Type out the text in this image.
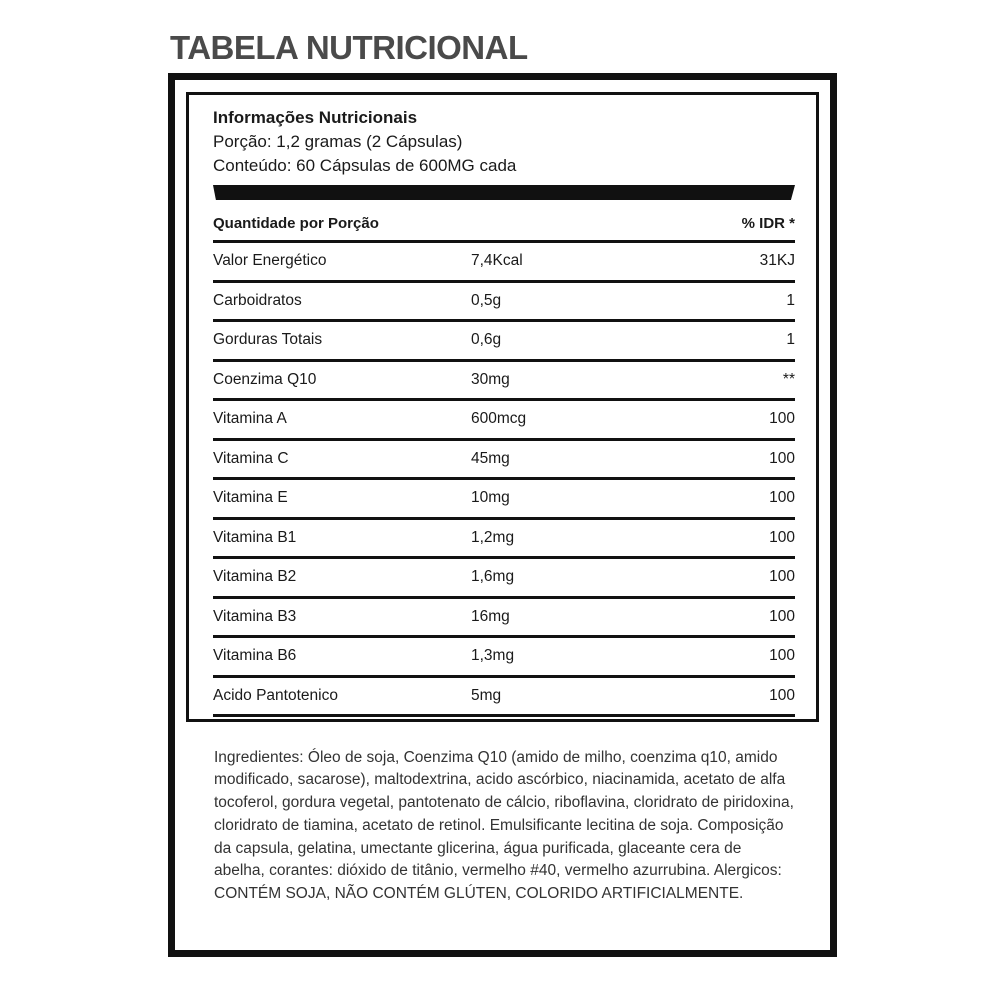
TABELA NUTRICIONAL
Informações Nutricionais
Porção: 1,2 gramas (2 Cápsulas)
Conteúdo: 60 Cápsulas de 600MG cada
Quantidade por Porção	% IDR *
Valor Energético	7,4Kcal	31KJ
Carboidratos	0,5g	1
Gorduras Totais	0,6g	1
Coenzima Q10	30mg	**
Vitamina A	600mcg	100
Vitamina C	45mg	100
Vitamina E	10mg	100
Vitamina B1	1,2mg	100
Vitamina B2	1,6mg	100
Vitamina B3	16mg	100
Vitamina B6	1,3mg	100
Acido Pantotenico	5mg	100

Ingredientes: Óleo de soja, Coenzima Q10 (amido de milho, coenzima q10, amido modificado, sacarose), maltodextrina, acido ascórbico, niacinamida, acetato de alfa tocoferol, gordura vegetal, pantotenato de cálcio, riboflavina, cloridrato de piridoxina, cloridrato de tiamina, acetato de retinol. Emulsificante lecitina de soja. Composição da capsula, gelatina, umectante glicerina, água purificada, glaceante cera de abelha, corantes: dióxido de titânio, vermelho #40, vermelho azurrubina. Alergicos: CONTÉM SOJA, NÃO CONTÉM GLÚTEN, COLORIDO ARTIFICIALMENTE.
